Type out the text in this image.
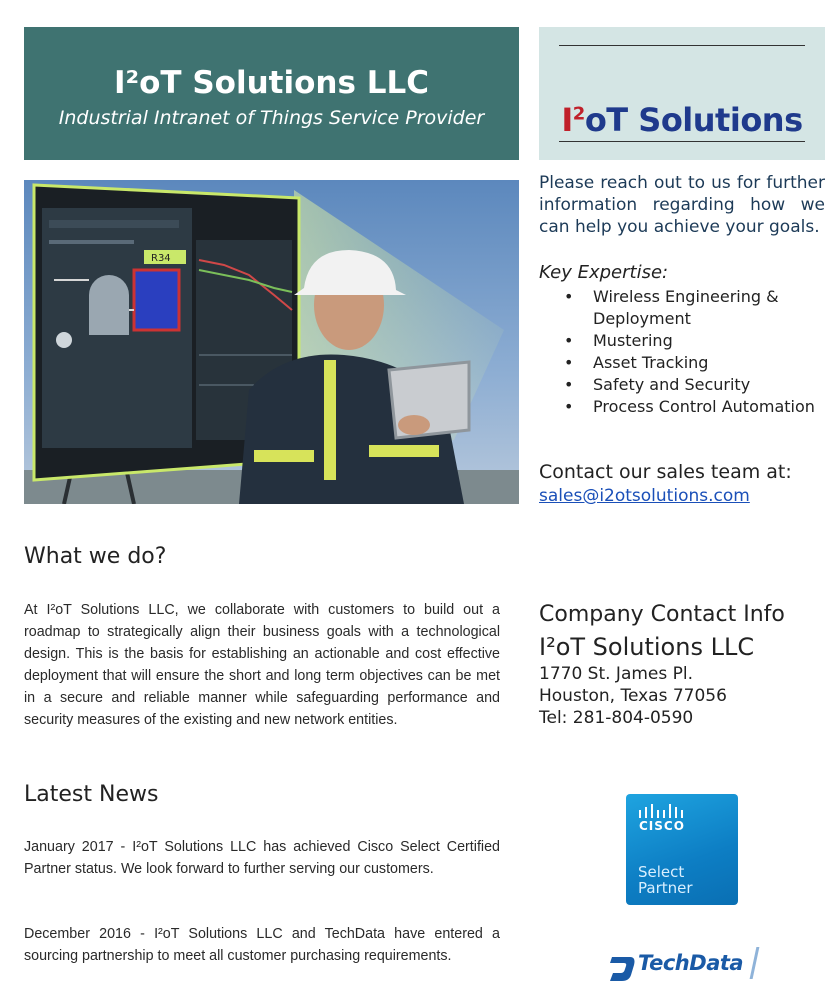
I²oT Solutions LLC
Industrial Intranet of Things Service Provider	$I^2oT$ Solutions
R34
Please reach out to us for further information regarding how we can help you achieve your goals.
Key Expertise:
• Wireless Engineering & Deployment
• Mustering
• Asset Tracking
• Safety and Security
• Process Control Automation
Contact our sales team at:
sales@i2otsolutions.com
What we do?
At I²oT Solutions LLC, we collaborate with customers to build out a roadmap to strategically align their business goals with a technological design. This is the basis for establishing an actionable and cost effective deployment that will ensure the short and long term objectives can be met in a secure and reliable manner while safeguarding performance and security measures of the existing and new network entities.
Latest News
January 2017 - I²oT Solutions LLC has achieved Cisco Select Certified Partner status. We look forward to further serving our customers.
December 2016 - I²oT Solutions LLC and TechData have entered a sourcing partnership to meet all customer purchasing requirements.
Company Contact Info
I²oT Solutions LLC
1770 St. James Pl.
Houston, Texas 77056
Tel: 281-804-0590
CISCO
Select
Partner
TechData
